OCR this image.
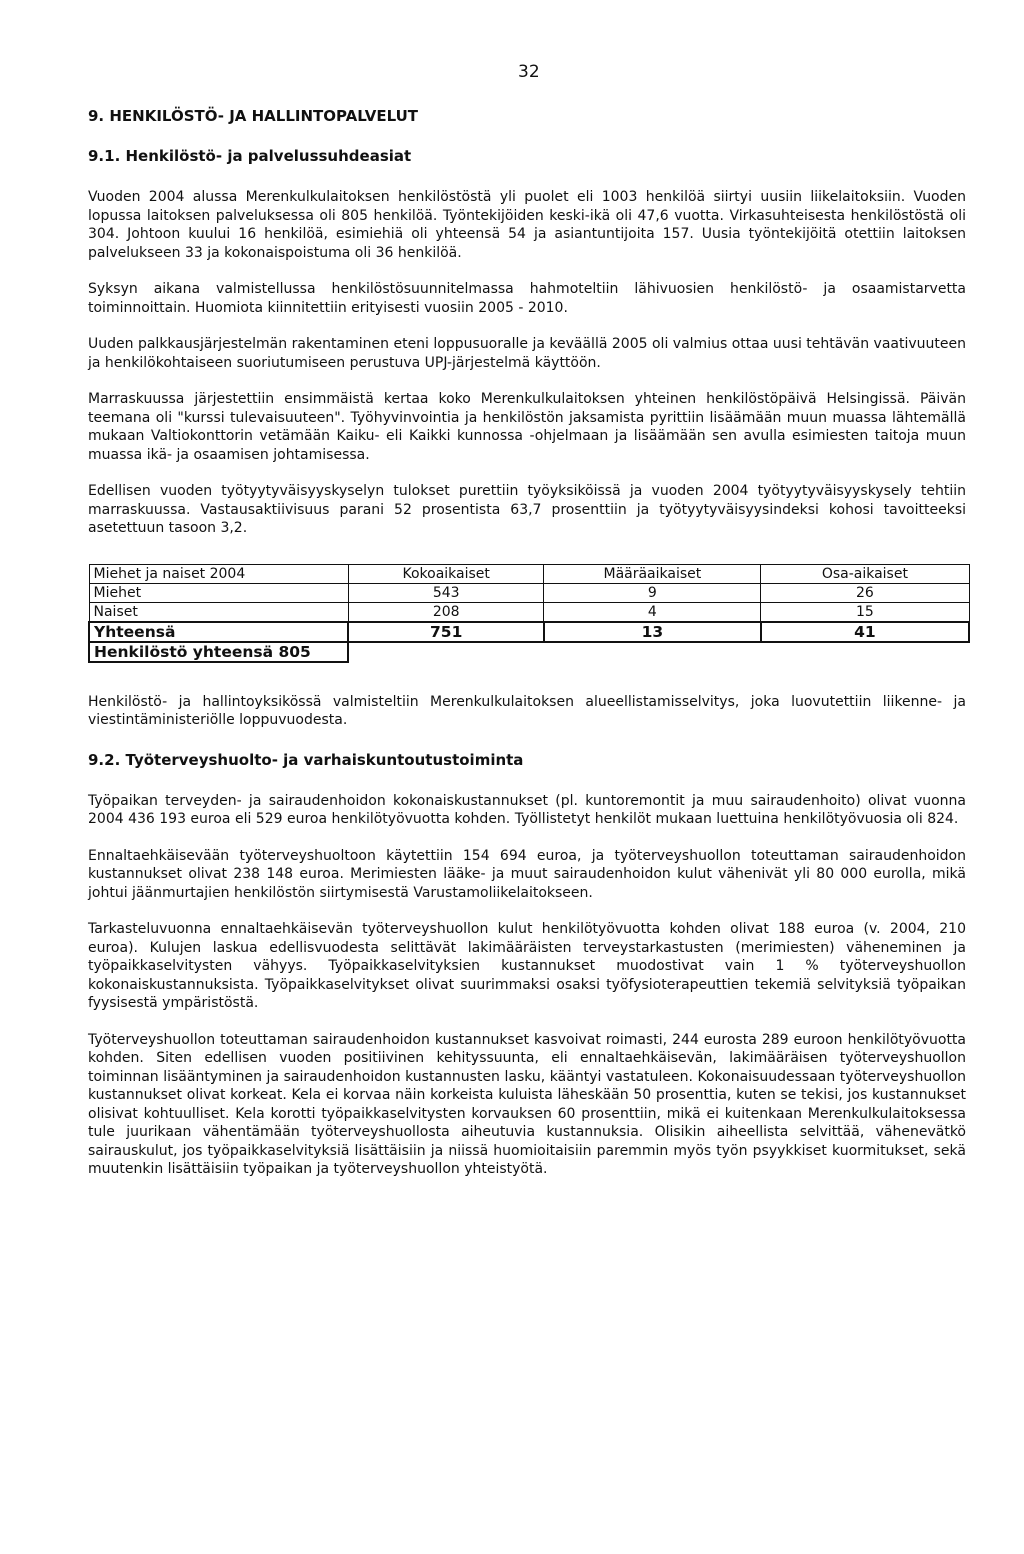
32
9. HENKILÖSTÖ- JA HALLINTOPALVELUT
9.1. Henkilöstö- ja palvelussuhdeasiat

Vuoden 2004 alussa Merenkulkulaitoksen henkilöstöstä yli puolet eli 1003 henkilöä siirtyi uusiin liikelaitoksiin. Vuoden lopussa laitoksen palveluksessa oli 805 henkilöä. Työntekijöiden keski-ikä oli 47,6 vuotta. Virkasuhteisesta henkilöstöstä oli 304. Johtoon kuului 16 henkilöä, esimiehiä oli yhteensä 54 ja asiantuntijoita 157. Uusia työntekijöitä otettiin laitoksen palvelukseen 33 ja kokonaispoistuma oli 36 henkilöä.

Syksyn aikana valmistellussa henkilöstösuunnitelmassa hahmoteltiin lähivuosien henkilöstö- ja osaamistarvetta toiminnoittain. Huomiota kiinnitettiin erityisesti vuosiin 2005 - 2010.

Uuden palkkausjärjestelmän rakentaminen eteni loppusuoralle ja keväällä 2005 oli valmius ottaa uusi tehtävän vaativuuteen ja henkilökohtaiseen suoriutumiseen perustuva UPJ-järjestelmä käyttöön.

Marraskuussa järjestettiin ensimmäistä kertaa koko Merenkulkulaitoksen yhteinen henkilöstöpäivä Helsingissä. Päivän teemana oli "kurssi tulevaisuuteen". Työhyvinvointia ja henkilöstön jaksamista pyrittiin lisäämään muun muassa lähtemällä mukaan Valtiokonttorin vetämään Kaiku- eli Kaikki kunnossa -ohjelmaan ja lisäämään sen avulla esimiesten taitoja muun muassa ikä- ja osaamisen johtamisessa.

Edellisen vuoden työtyytyväisyyskyselyn tulokset purettiin työyksiköissä ja vuoden 2004 työtyytyväisyyskysely tehtiin marraskuussa. Vastausaktiivisuus parani 52 prosentista 63,7 prosenttiin ja työtyytyväisyysindeksi kohosi tavoitteeksi asetettuun tasoon 3,2.

Miehet ja naiset 2004	Kokoaikaiset	Määräaikaiset	Osa-aikaiset
Miehet	543	9	26
Naiset	208	4	15
Yhteensä	751	13	41
Henkilöstö yhteensä 805			

Henkilöstö- ja hallintoyksikössä valmisteltiin Merenkulkulaitoksen alueellistamisselvitys, joka luovutettiin liikenne- ja viestintäministeriölle loppuvuodesta.

9.2. Työterveyshuolto- ja varhaiskuntoutustoiminta

Työpaikan terveyden- ja sairaudenhoidon kokonaiskustannukset (pl. kuntoremontit ja muu sairaudenhoito) olivat vuonna 2004 436 193 euroa eli 529 euroa henkilötyövuotta kohden. Työllistetyt henkilöt mukaan luettuina henkilötyövuosia oli 824.

Ennaltaehkäisevään työterveyshuoltoon käytettiin 154 694 euroa, ja työterveyshuollon toteuttaman sairaudenhoidon kustannukset olivat 238 148 euroa. Merimiesten lääke- ja muut sairaudenhoidon kulut vähenivät yli 80 000 eurolla, mikä johtui jäänmurtajien henkilöstön siirtymisestä Varustamoliikelaitokseen.

Tarkasteluvuonna ennaltaehkäisevän työterveyshuollon kulut henkilötyövuotta kohden olivat 188 euroa (v. 2004, 210 euroa). Kulujen laskua edellisvuodesta selittävät lakimääräisten terveystarkastusten (merimiesten) väheneminen ja työpaikkaselvitysten vähyys. Työpaikkaselvityksien kustannukset muodostivat vain 1 % työterveyshuollon kokonaiskustannuksista. Työpaikkaselvitykset olivat suurimmaksi osaksi työfysioterapeuttien tekemiä selvityksiä työpaikan fyysisestä ympäristöstä.

Työterveyshuollon toteuttaman sairaudenhoidon kustannukset kasvoivat roimasti, 244 eurosta 289 euroon henkilötyövuotta kohden. Siten edellisen vuoden positiivinen kehityssuunta, eli ennaltaehkäisevän, lakimääräisen työterveyshuollon toiminnan lisääntyminen ja sairaudenhoidon kustannusten lasku, kääntyi vastatuleen. Kokonaisuudessaan työterveyshuollon kustannukset olivat korkeat. Kela ei korvaa näin korkeista kuluista läheskään 50 prosenttia, kuten se tekisi, jos kustannukset olisivat kohtuulliset. Kela korotti työpaikkaselvitysten korvauksen 60 prosenttiin, mikä ei kuitenkaan Merenkulkulaitoksessa tule juurikaan vähentämään työterveyshuollosta aiheutuvia kustannuksia. Olisikin aiheellista selvittää, vähenevätkö sairauskulut, jos työpaikkaselvityksiä lisättäisiin ja niissä huomioitaisiin paremmin myös työn psyykkiset kuormitukset, sekä muutenkin lisättäisiin työpaikan ja työterveyshuollon yhteistyötä.
